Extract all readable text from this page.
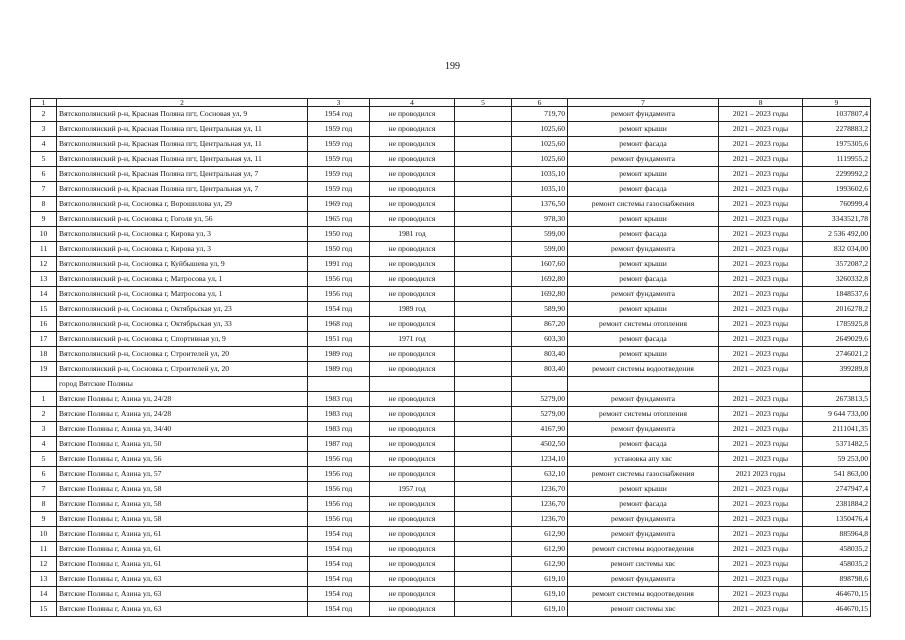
199
1	2	3	4	5	6	7	8	9
2	Вятскополянский р-н, Красная Поляна пгт, Сосновая ул, 9	1954 год	не проводился		719,70	ремонт фундамента	2021 – 2023 годы	1037807,4
3	Вятскополянский р-н, Красная Поляна пгт, Центральная ул, 11	1959 год	не проводился		1025,60	ремонт крыши	2021 – 2023 годы	2278883,2
4	Вятскополянский р-н, Красная Поляна пгт, Центральная ул, 11	1959 год	не проводился		1025,60	ремонт фасада	2021 – 2023 годы	1975305,6
5	Вятскополянский р-н, Красная Поляна пгт, Центральная ул, 11	1959 год	не проводился		1025,60	ремонт фундамента	2021 – 2023 годы	1119955,2
6	Вятскополянский р-н, Красная Поляна пгт, Центральная ул, 7	1959 год	не проводился		1035,10	ремонт крыши	2021 – 2023 годы	2299992,2
7	Вятскополянский р-н, Красная Поляна пгт, Центральная ул, 7	1959 год	не проводился		1035,10	ремонт фасада	2021 – 2023 годы	1993602,6
8	Вятскополянский р-н, Сосновка г, Ворошилова ул, 29	1969 год	не проводился		1376,50	ремонт системы газоснабжения	2021 – 2023 годы	760999,4
9	Вятскополянский р-н, Сосновка г, Гоголя ул, 56	1965 год	не проводился		978,30	ремонт крыши	2021 – 2023 годы	3343521,78
10	Вятскополянский р-н, Сосновка г, Кирова ул, 3	1950 год	1981 год		599,00	ремонт фасада	2021 – 2023 годы	2 536 492,00
11	Вятскополянский р-н, Сосновка г, Кирова ул, 3	1950 год	не проводился		599,00	ремонт фундамента	2021 – 2023 годы	832 034,00
12	Вятскополянский р-н, Сосновка г, Куйбышева ул, 9	1991 год	не проводился		1607,60	ремонт крыши	2021 – 2023 годы	3572087,2
13	Вятскополянский р-н, Сосновка г, Матросова ул, 1	1956 год	не проводился		1692,80	ремонт фасада	2021 – 2023 годы	3260332,8
14	Вятскополянский р-н, Сосновка г, Матросова ул, 1	1956 год	не проводился		1692,80	ремонт фундамента	2021 – 2023 годы	1848537,6
15	Вятскополянский р-н, Сосновка г, Октябрьская ул, 23	1954 год	1989 год		589,90	ремонт крыши	2021 – 2023 годы	2016278,2
16	Вятскополянский р-н, Сосновка г, Октябрьская ул, 33	1968 год	не проводился		867,20	ремонт системы отопления	2021 – 2023 годы	1785925,8
17	Вятскополянский р-н, Сосновка г, Спортивная ул, 9	1951 год	1971 год		603,30	ремонт фасада	2021 – 2023 годы	2649029,6
18	Вятскополянский р-н, Сосновка г, Строителей ул, 20	1989 год	не проводился		803,40	ремонт крыши	2021 – 2023 годы	2746021,2
19	Вятскополянский р-н, Сосновка г, Строителей ул, 20	1989 год	не проводился		803,40	ремонт системы водоотведения	2021 – 2023 годы	399289,8
	город Вятские Поляны							
1	Вятские Поляны г, Азина ул, 24/28	1983 год	не проводился		5279,00	ремонт фундамента	2021 – 2023 годы	2673813,5
2	Вятские Поляны г, Азина ул, 24/28	1983 год	не проводился		5279,00	ремонт системы отопления	2021 – 2023 годы	9 644 733,00
3	Вятские Поляны г, Азина ул, 34/40	1983 год	не проводился		4167,90	ремонт фундамента	2021 – 2023 годы	2111041,35
4	Вятские Поляны г, Азина ул, 50	1987 год	не проводился		4502,50	ремонт фасада	2021 – 2023 годы	5371482,5
5	Вятские Поляны г, Азина ул, 56	1956 год	не проводился		1234,10	установка апу хвс	2021 – 2023 годы	59 253,00
6	Вятские Поляны г, Азина ул, 57	1956 год	не проводился		632,10	ремонт системы газоснабжения	2021 2023 годы	541 863,00
7	Вятские Поляны г, Азина ул, 58	1956 год	1957 год		1236,70	ремонт крыши	2021 – 2023 годы	2747947,4
8	Вятские Поляны г, Азина ул, 58	1956 год	не проводился		1236,70	ремонт фасада	2021 – 2023 годы	2381884,2
9	Вятские Поляны г, Азина ул, 58	1956 год	не проводился		1236,70	ремонт фундамента	2021 – 2023 годы	1350476,4
10	Вятские Поляны г, Азина ул, 61	1954 год	не проводился		612,90	ремонт фундамента	2021 – 2023 годы	885964,8
11	Вятские Поляны г, Азина ул, 61	1954 год	не проводился		612,90	ремонт системы водоотведения	2021 – 2023 годы	458035,2
12	Вятские Поляны г, Азина ул, 61	1954 год	не проводился		612,90	ремонт системы хвс	2021 – 2023 годы	458035,2
13	Вятские Поляны г, Азина ул, 63	1954 год	не проводился		619,10	ремонт фундамента	2021 – 2023 годы	898798,6
14	Вятские Поляны г, Азина ул, 63	1954 год	не проводился		619,10	ремонт системы водоотведения	2021 – 2023 годы	464670,15
15	Вятские Поляны г, Азина ул, 63	1954 год	не проводился		619,10	ремонт системы хвс	2021 – 2023 годы	464670,15
